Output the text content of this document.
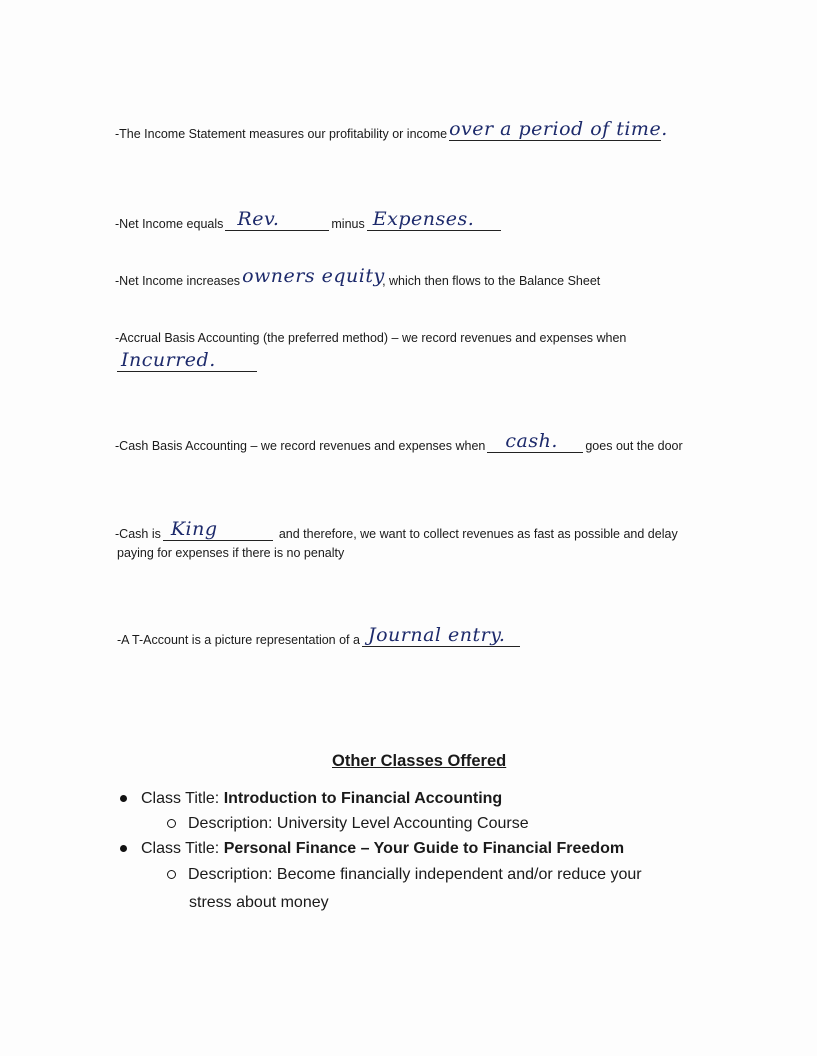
-The Income Statement measures our profitability or income over a period of time.
-Net Income equals Rev.	minus Expenses.
-Net Income increases owners equity
, which then flows to the Balance Sheet
-Accrual Basis Accounting (the preferred method) – we record revenues and expenses when
Incurred.
-Cash Basis Accounting – we record revenues and expenses when	cash.	goes out the door
-Cash is King	and therefore, we want to collect revenues as fast as possible and delay
paying for expenses if there is no penalty
-A T-Account is a picture representation of a Journal entry.
Other Classes Offered
Class Title: Introduction to Financial Accounting
Description: University Level Accounting Course
Class Title: Personal Finance – Your Guide to Financial Freedom
Description: Become financially independent and/or reduce your
stress about money
